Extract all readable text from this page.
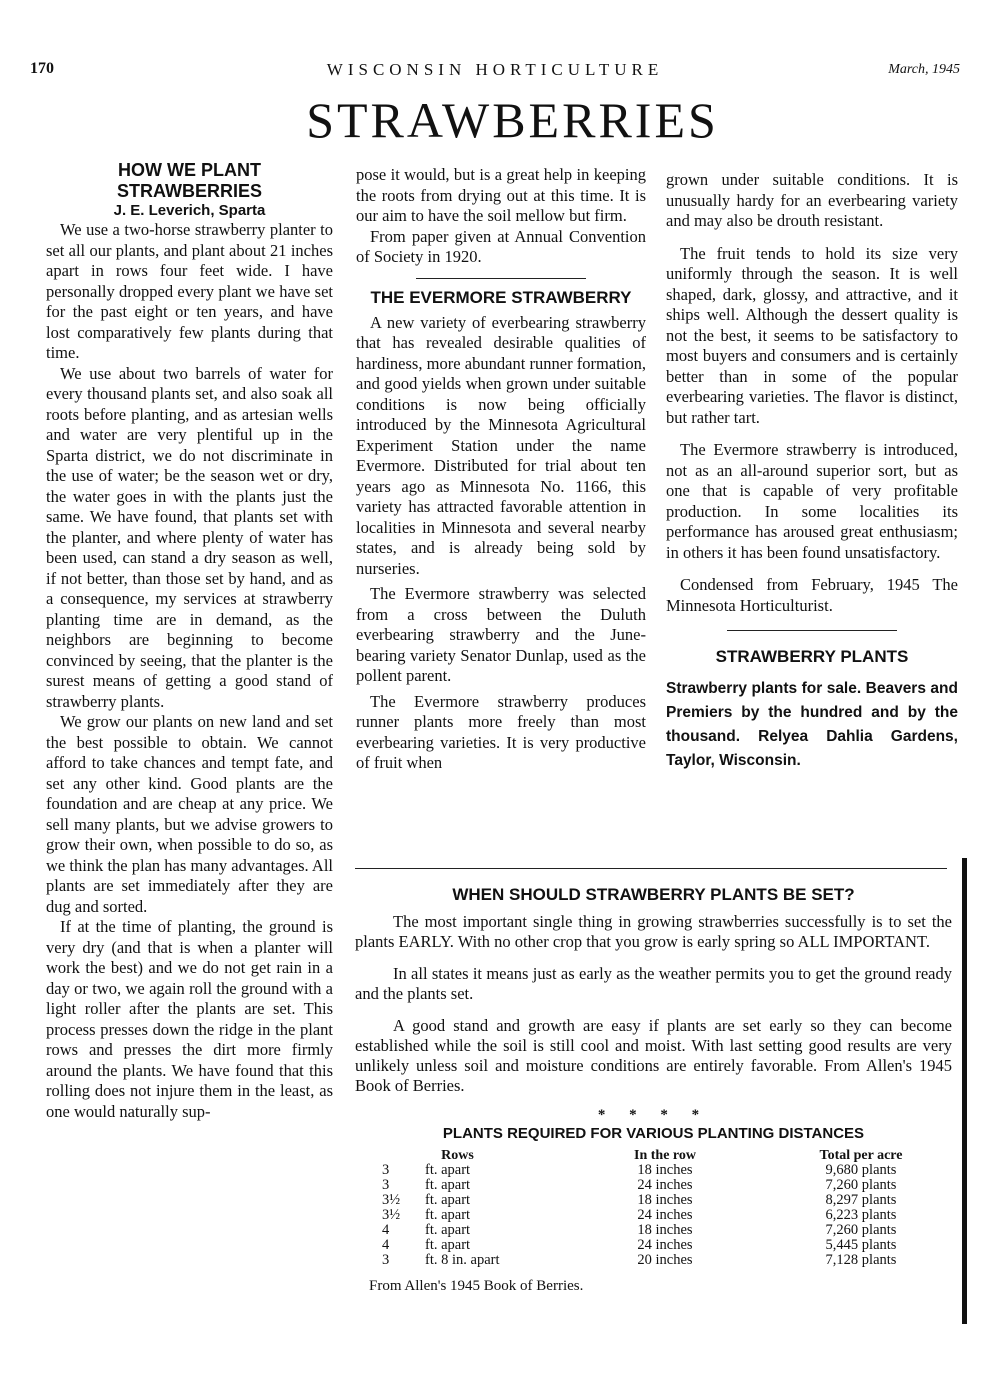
170	WISCONSIN HORTICULTURE	March, 1945
STRAWBERRIES
HOW WE PLANT STRAWBERRIES
J. E. Leverich, Sparta

We use a two-horse strawberry planter to set all our plants, and plant about 21 inches apart in rows four feet wide. I have personally dropped every plant we have set for the past eight or ten years, and have lost comparatively few plants during that time.

We use about two barrels of water for every thousand plants set, and also soak all roots before planting, and as artesian wells and water are very plentiful up in the Sparta district, we do not discriminate in the use of water; be the season wet or dry, the water goes in with the plants just the same. We have found, that plants set with the planter, and where plenty of water has been used, can stand a dry season as well, if not better, than those set by hand, and as a consequence, my services at strawberry planting time are in demand, as the neighbors are beginning to become convinced by seeing, that the planter is the surest means of getting a good stand of strawberry plants.

We grow our plants on new land and set the best possible to obtain. We cannot afford to take chances and tempt fate, and set any other kind. Good plants are the foundation and are cheap at any price. We sell many plants, but we advise growers to grow their own, when possible to do so, as we think the plan has many advantages. All plants are set immediately after they are dug and sorted.

If at the time of planting, the ground is very dry (and that is when a planter will work the best) and we do not get rain in a day or two, we again roll the ground with a light roller after the plants are set. This process presses down the ridge in the plant rows and presses the dirt more firmly around the plants. We have found that this rolling does not injure them in the least, as one would naturally sup-

pose it would, but is a great help in keeping the roots from drying out at this time. It is our aim to have the soil mellow but firm.

From paper given at Annual Convention of Society in 1920.

THE EVERMORE STRAWBERRY

A new variety of everbearing strawberry that has revealed desirable qualities of hardiness, more abundant runner formation, and good yields when grown under suitable conditions is now being officially introduced by the Minnesota Agricultural Experiment Station under the name Evermore. Distributed for trial about ten years ago as Minnesota No. 1166, this variety has attracted favorable attention in localities in Minnesota and several nearby states, and is already being sold by nurseries.

The Evermore strawberry was selected from a cross between the Duluth everbearing strawberry and the June-bearing variety Senator Dunlap, used as the pollent parent.

The Evermore strawberry produces runner plants more freely than most everbearing varieties. It is very productive of fruit when

grown under suitable conditions. It is unusually hardy for an everbearing variety and may also be drouth resistant.

The fruit tends to hold its size very uniformly through the season. It is well shaped, dark, glossy, and attractive, and it ships well. Although the dessert quality is not the best, it seems to be satisfactory to most buyers and consumers and is certainly better than in some of the popular everbearing varieties. The flavor is distinct, but rather tart.

The Evermore strawberry is introduced, not as an all-around superior sort, but as one that is capable of very profitable production. In some localities its performance has aroused great enthusiasm; in others it has been found unsatisfactory.

Condensed from February, 1945 The Minnesota Horticulturist.

STRAWBERRY PLANTS
Strawberry plants for sale. Beavers and Premiers by the hundred and by the thousand. Relyea Dahlia Gardens, Taylor, Wisconsin.
WHEN SHOULD STRAWBERRY PLANTS BE SET?

The most important single thing in growing strawberries successfully is to set the plants EARLY. With no other crop that you grow is early spring so ALL IMPORTANT.

In all states it means just as early as the weather permits you to get the ground ready and the plants set.

A good stand and growth are easy if plants are set early so they can become established while the soil is still cool and moist. With last setting good results are very unlikely unless soil and moisture conditions are entirely favorable. From Allen's 1945 Book of Berries.

* * * *
PLANTS REQUIRED FOR VARIOUS PLANTING DISTANCES
Rows		In the row	Total per acre
3	ft. apart	18 inches	9,680 plants
3	ft. apart	24 inches	7,260 plants
3½	ft. apart	18 inches	8,297 plants
3½	ft. apart	24 inches	6,223 plants
4	ft. apart	18 inches	7,260 plants
4	ft. apart	24 inches	5,445 plants
3	ft. 8 in. apart	20 inches	7,128 plants
From Allen's 1945 Book of Berries.
